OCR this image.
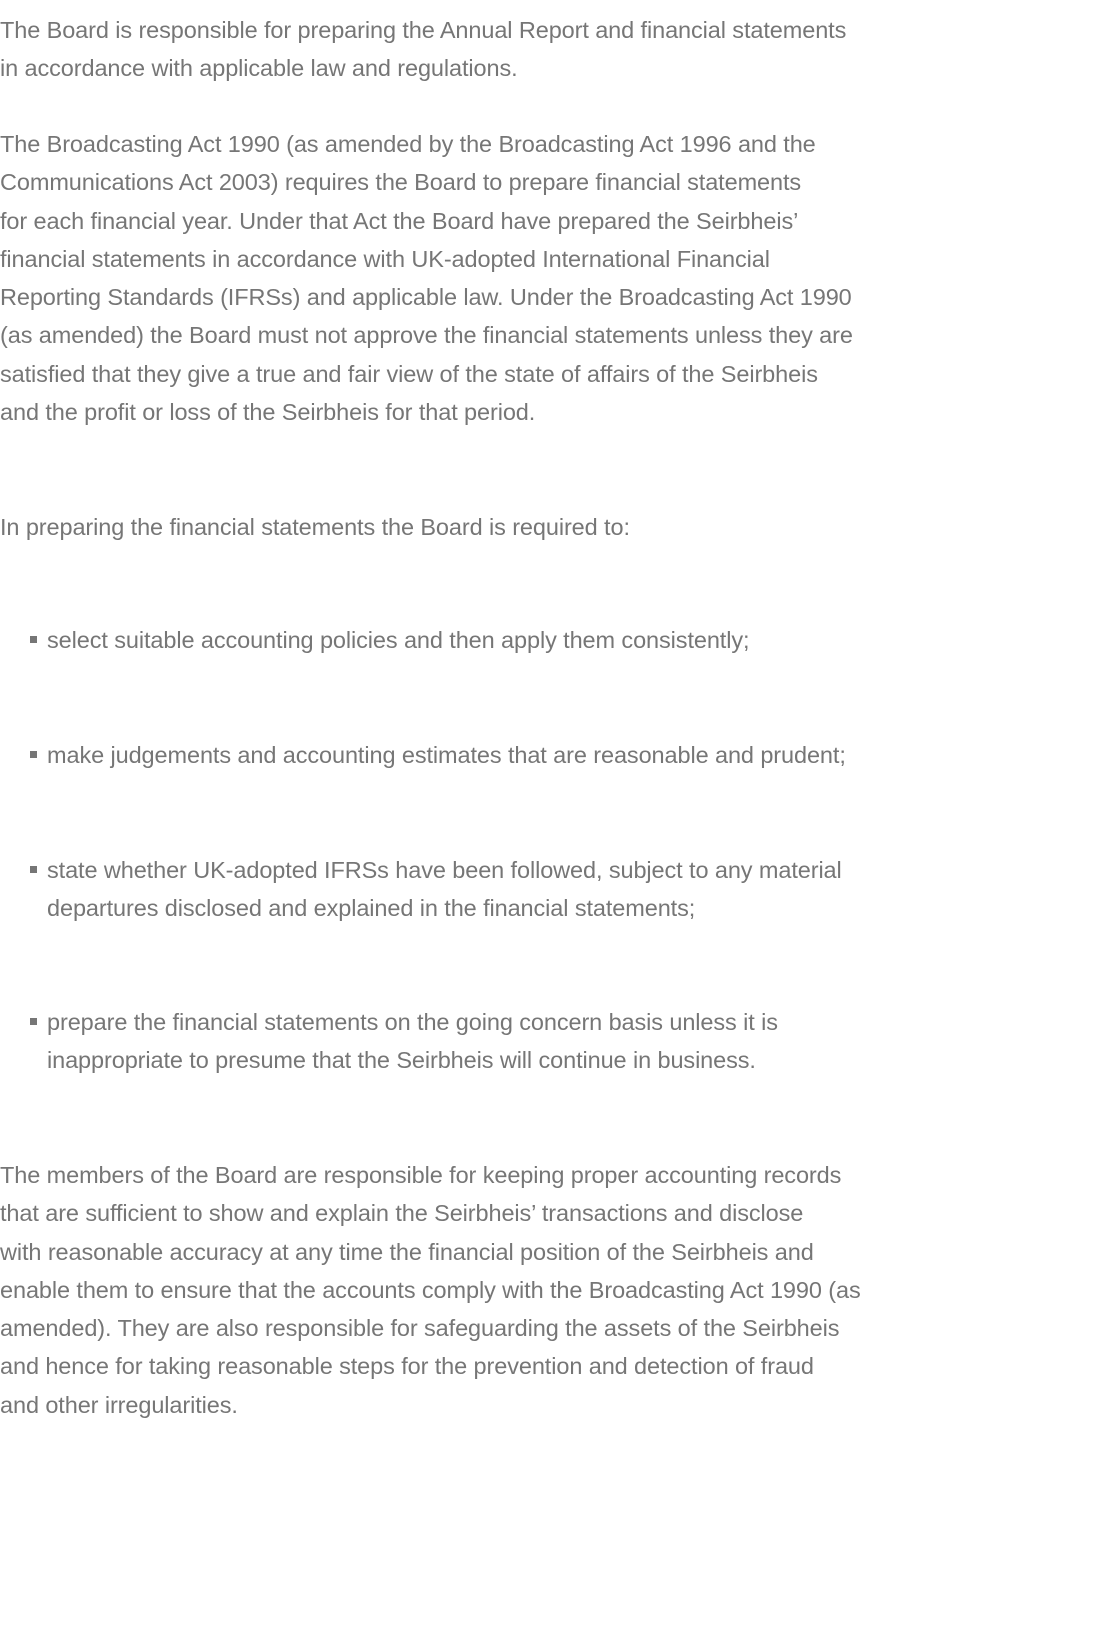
The Board is responsible for preparing the Annual Report and financial statements
in accordance with applicable law and regulations.

The Broadcasting Act 1990 (as amended by the Broadcasting Act 1996 and the
Communications Act 2003) requires the Board to prepare financial statements
for each financial year. Under that Act the Board have prepared the Seirbheis’
financial statements in accordance with UK-adopted International Financial
Reporting Standards (IFRSs) and applicable law. Under the Broadcasting Act 1990
(as amended) the Board must not approve the financial statements unless they are
satisfied that they give a true and fair view of the state of affairs of the Seirbheis
and the profit or loss of the Seirbheis for that period.

In preparing the financial statements the Board is required to:

select suitable accounting policies and then apply them consistently;
make judgements and accounting estimates that are reasonable and prudent;
state whether UK-adopted IFRSs have been followed, subject to any material
departures disclosed and explained in the financial statements;
prepare the financial statements on the going concern basis unless it is
inappropriate to presume that the Seirbheis will continue in business.

The members of the Board are responsible for keeping proper accounting records
that are sufficient to show and explain the Seirbheis’ transactions and disclose
with reasonable accuracy at any time the financial position of the Seirbheis and
enable them to ensure that the accounts comply with the Broadcasting Act 1990 (as
amended). They are also responsible for safeguarding the assets of the Seirbheis
and hence for taking reasonable steps for the prevention and detection of fraud
and other irregularities.
